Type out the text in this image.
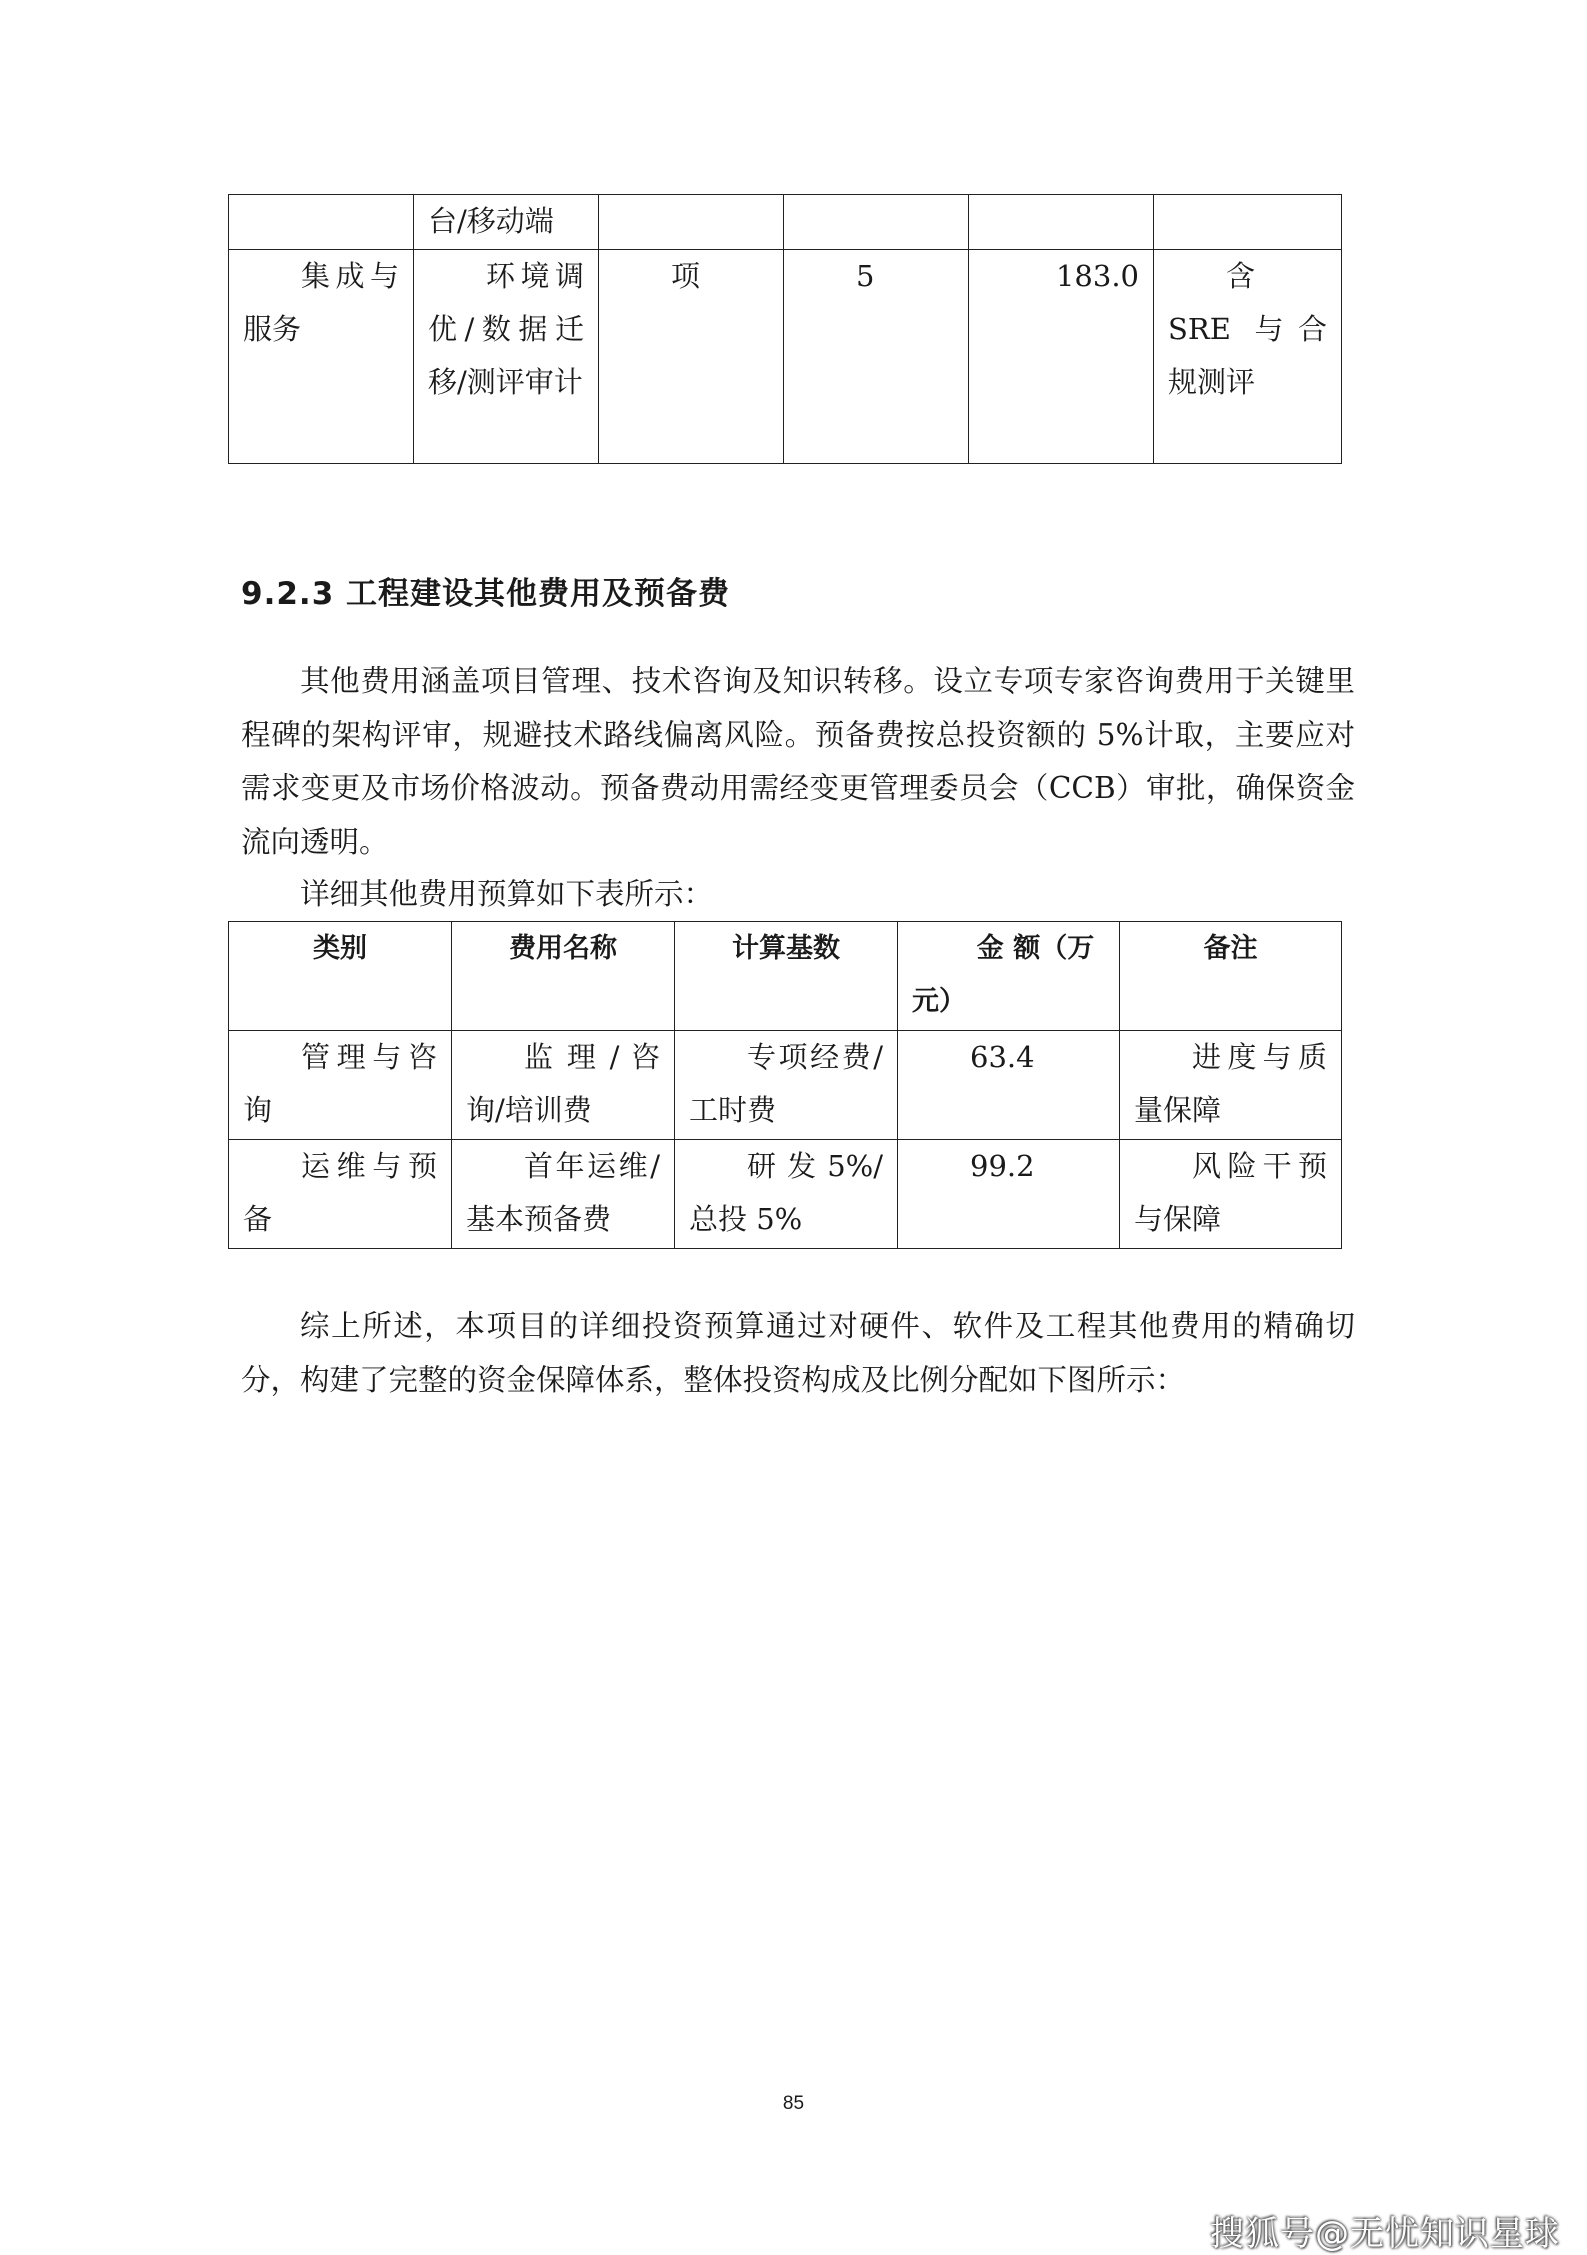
	台/移动端				
集成与服务	环境调优/数据迁移/测评审计	项	5	183.0	含 SRE 与合规测评
9.2.3 工程建设其他费用及预备费

其他费用涵盖项目管理、技术咨询及知识转移。设立专项专家咨询费用于关键里程碑的架构评审，规避技术路线偏离风险。预备费按总投资额的 5%计取，主要应对需求变更及市场价格波动。预备费动用需经变更管理委员会（CCB）审批，确保资金流向透明。

详细其他费用预算如下表所示：

类别	费用名称	计算基数	金 额（万元）	备注
管理与咨询	监 理 / 咨 询/培训费	专项经费/工时费	63.4	进度与质量保障
运维与预备	首年运维/基本预备费	研 发 5%/ 总投 5%	99.2	风险干预与保障

综上所述，本项目的详细投资预算通过对硬件、软件及工程其他费用的精确切分，构建了完整的资金保障体系，整体投资构成及比例分配如下图所示：

85
搜狐号@无忧知识星球
